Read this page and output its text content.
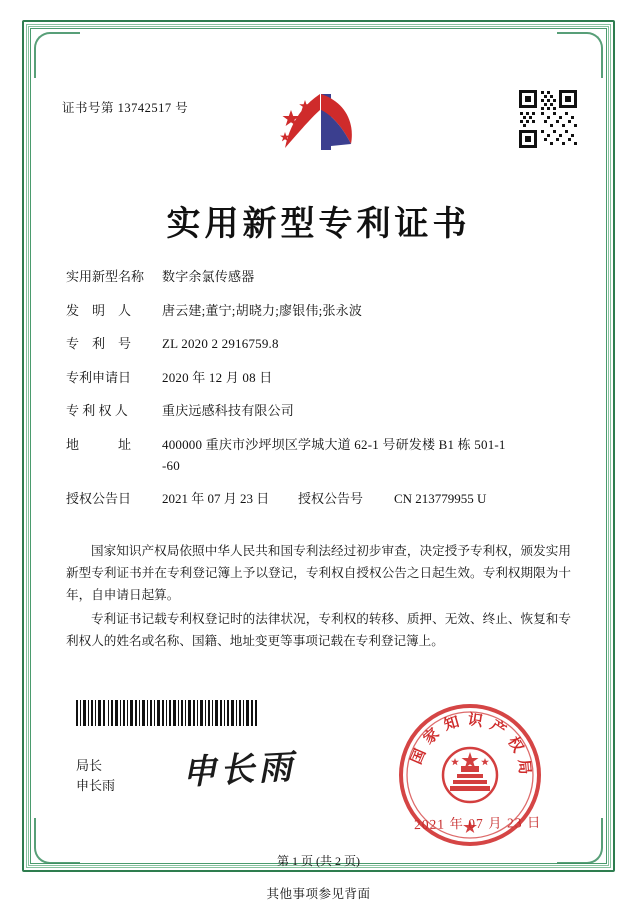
证书号第 13742517 号
实用新型专利证书
实用新型名称	数字余氯传感器
发　明　人	唐云建;董宁;胡晓力;廖银伟;张永波
专　利　号	ZL 2020 2 2916759.8
专利申请日	2020 年 12 月 08 日
专 利 权 人	重庆远感科技有限公司
地　　　址	400000 重庆市沙坪坝区学城大道 62-1 号研发楼 B1 栋 501-1
-60
授权公告日 2021 年 07 月 23 日	授权公告号	CN 213779955 U

国家知识产权局依照中华人民共和国专利法经过初步审查，决定授予专利权，颁发实用新型专利证书并在专利登记簿上予以登记，专利权自授权公告之日起生效。专利权期限为十年，自申请日起算。

专利证书记载专利权登记时的法律状况，专利权的转移、质押、无效、终止、恢复和专利权人的姓名或名称、国籍、地址变更等事项记载在专利登记簿上。

局长
申长雨 申长雨	国家知识产权局
2021 年 07 月 23 日
第 1 页 (共 2 页)
其他事项参见背面
